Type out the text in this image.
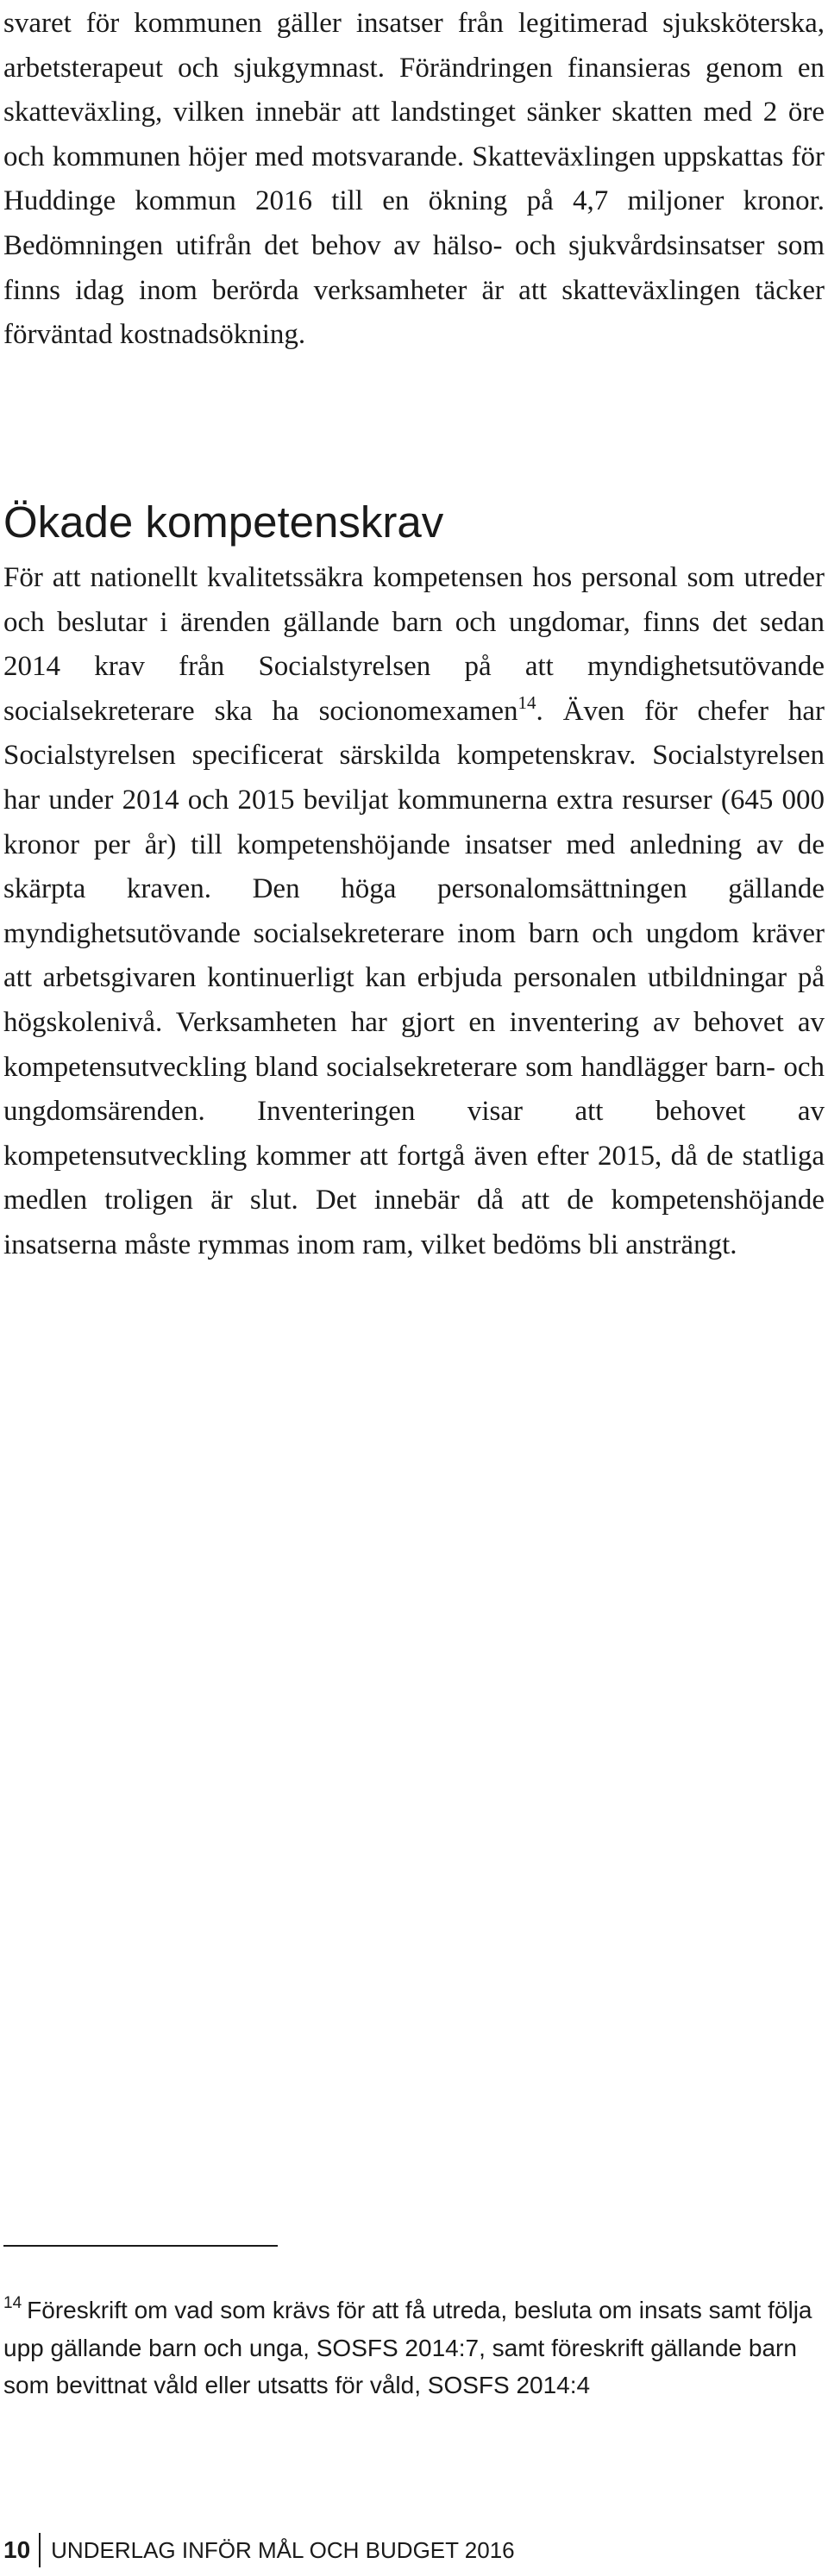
svaret för kommunen gäller insatser från legitimerad sjuksköterska, arbetsterapeut och sjukgymnast. Förändringen finansieras genom en skatteväxling, vilken innebär att landstinget sänker skatten med 2 öre och kommunen höjer med motsvarande. Skatteväxlingen uppskattas för Huddinge kommun 2016 till en ökning på 4,7 miljoner kronor. Bedömningen utifrån det behov av hälso- och sjukvårdsinsatser som finns idag inom berörda verksamheter är att skatteväxlingen täcker förväntad kostnadsökning.

Ökade kompetenskrav

För att nationellt kvalitetssäkra kompetensen hos personal som utreder och beslutar i ärenden gällande barn och ungdomar, finns det sedan 2014 krav från Socialstyrelsen på att myndighetsutövande socialsekreterare ska ha socionomexamen$^{14}$. Även för chefer har Socialstyrelsen specificerat särskilda kompetenskrav. Socialstyrelsen har under 2014 och 2015 beviljat kommunerna extra resurser (645 000 kronor per år) till kompetenshöjande insatser med anledning av de skärpta kraven. Den höga personalomsättningen gällande myndighetsutövande socialsekreterare inom barn och ungdom kräver att arbetsgivaren kontinuerligt kan erbjuda personalen utbildningar på högskolenivå. Verksamheten har gjort en inventering av behovet av kompetensutveckling bland socialsekreterare som handlägger barn- och ungdomsärenden. Inventeringen visar att behovet av kompetensutveckling kommer att fortgå även efter 2015, då de statliga medlen troligen är slut. Det innebär då att de kompetenshöjande insatserna måste rymmas inom ram, vilket bedöms bli ansträngt.

$^{14}$ Föreskrift om vad som krävs för att få utreda, besluta om insats samt följa upp gällande barn och unga, SOSFS 2014:7, samt föreskrift gällande barn som bevittnat våld eller utsatts för våld, SOSFS 2014:4

10 UNDERLAG INFÖR MÅL OCH BUDGET 2016
